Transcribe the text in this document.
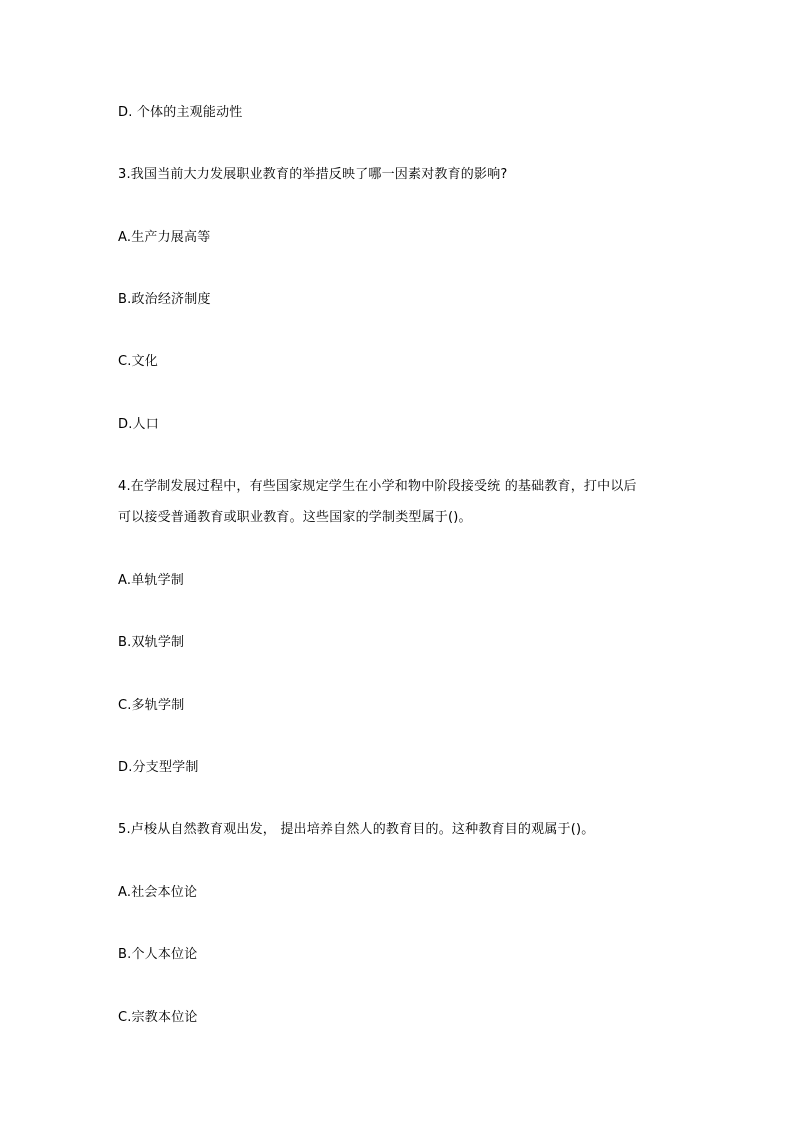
D. 个体的主观能动性
3.我国当前大力发展职业教育的举措反映了哪一因素对教育的影响?
A.生产力展高等
B.政治经济制度
C.文化
D.人口
4.在学制发展过程中，有些国家规定学生在小学和物中阶段接受统 的基础教育，打中以后
可以接受普通教育或职业教育。这些国家的学制类型属于()。
A.单轨学制
B.双轨学制
C.多轨学制
D.分支型学制
5.卢梭从自然教育观出发， 提出培养自然人的教育目的。这种教育目的观属于()。
A.社会本位论
B.个人本位论
C.宗教本位论
